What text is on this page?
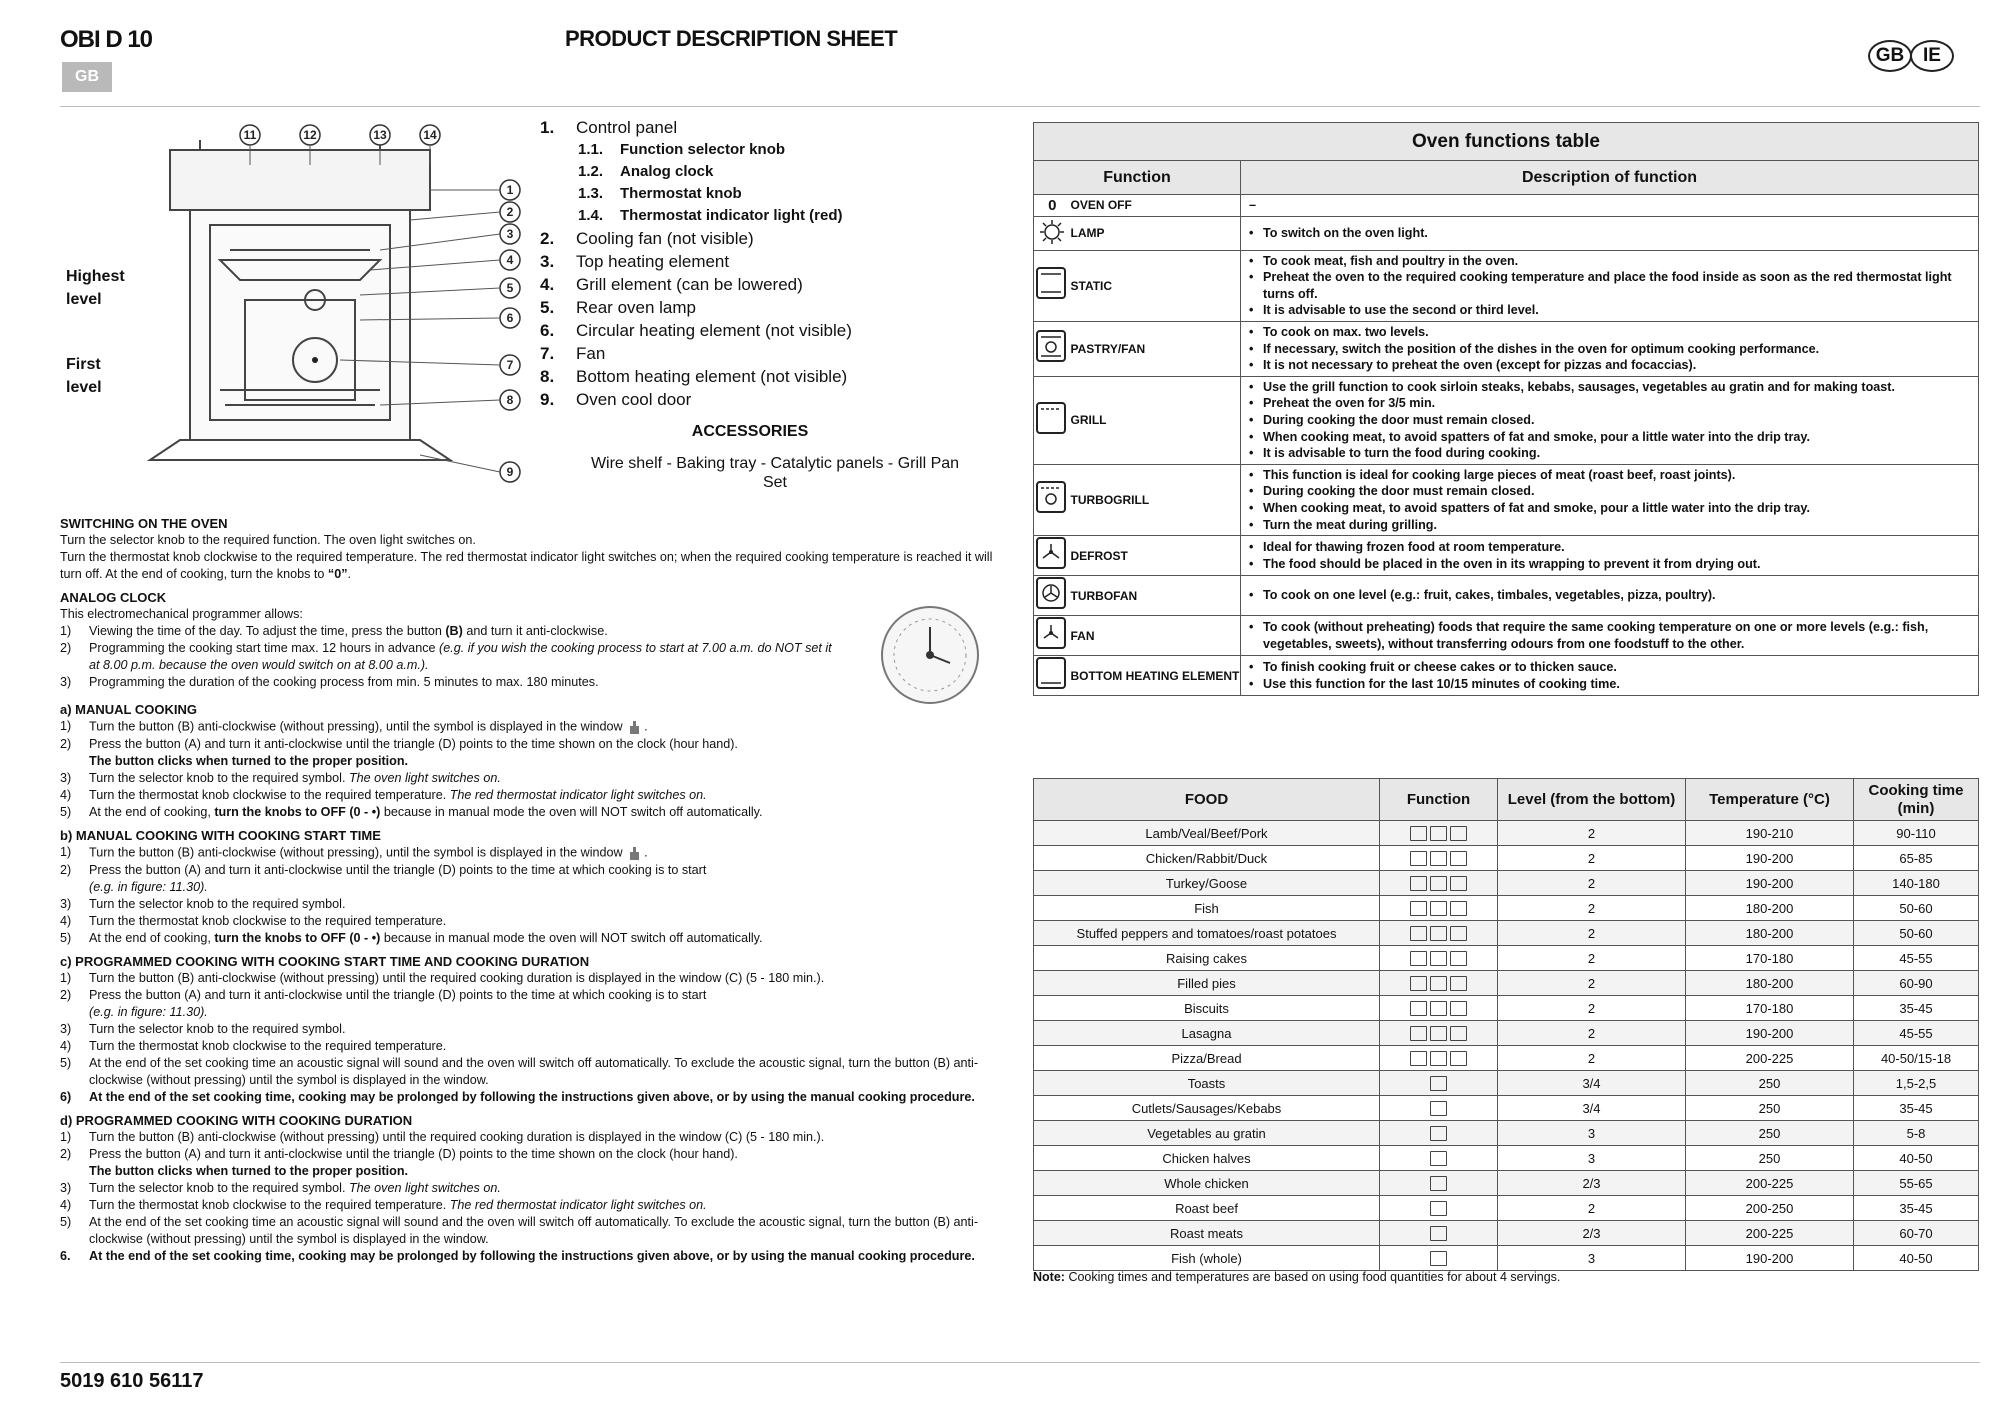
OBI D 10
GB
PRODUCT DESCRIPTION SHEET
GB IE
11	12	13	14
1
2
3
4
5
6
7
8
9
Highest
level
First
level
1.	Control panel
1.1. Function selector knob
1.2. Analog clock
1.3. Thermostat knob
1.4. Thermostat indicator light (red)
2.	Cooling fan (not visible)
3.	Top heating element
4.	Grill element (can be lowered)
5.	Rear oven lamp
6.	Circular heating element (not visible)
7.	Fan
8.	Bottom heating element (not visible)
9.	Oven cool door
ACCESSORIES
Wire shelf - Baking tray - Catalytic panels - Grill Pan Set
SWITCHING ON THE OVEN

Turn the selector knob to the required function. The oven light switches on.

Turn the thermostat knob clockwise to the required temperature. The red thermostat indicator light switches on; when the required cooking temperature is reached it will turn off. At the end of cooking, turn the knobs to “0”.

ANALOG CLOCK

This electromechanical programmer allows:

1)	Viewing the time of the day. To adjust the time, press the button (B) and turn it anti-clockwise.
2)	Programming the cooking start time max. 12 hours in advance (e.g. if you wish the cooking process to start at 7.00 a.m. do NOT set it at 8.00 p.m. because the oven would switch on at 8.00 a.m.).
3)	Programming the duration of the cooking process from min. 5 minutes to max. 180 minutes.
a) MANUAL COOKING
1)	Turn the button (B) anti-clockwise (without pressing), until the symbol is displayed in the window .
2)	Press the button (A) and turn it anti-clockwise until the triangle (D) points to the time shown on the clock (hour hand).
The button clicks when turned to the proper position.
3)	Turn the selector knob to the required symbol. The oven light switches on.
4)	Turn the thermostat knob clockwise to the required temperature. The red thermostat indicator light switches on.
5)	At the end of cooking, turn the knobs to OFF (0 - •) because in manual mode the oven will NOT switch off automatically.
b) MANUAL COOKING WITH COOKING START TIME
1)	Turn the button (B) anti-clockwise (without pressing), until the symbol is displayed in the window .
2)	Press the button (A) and turn it anti-clockwise until the triangle (D) points to the time at which cooking is to start
(e.g. in figure: 11.30).
3)	Turn the selector knob to the required symbol.
4)	Turn the thermostat knob clockwise to the required temperature.
5)	At the end of cooking, turn the knobs to OFF (0 - •) because in manual mode the oven will NOT switch off automatically.
c) PROGRAMMED COOKING WITH COOKING START TIME AND COOKING DURATION
1)	Turn the button (B) anti-clockwise (without pressing) until the required cooking duration is displayed in the window (C) (5 - 180 min.).
2)	Press the button (A) and turn it anti-clockwise until the triangle (D) points to the time at which cooking is to start
(e.g. in figure: 11.30).
3)	Turn the selector knob to the required symbol.
4)	Turn the thermostat knob clockwise to the required temperature.
5)	At the end of the set cooking time an acoustic signal will sound and the oven will switch off automatically. To exclude the acoustic signal, turn the button (B) anti-clockwise (without pressing) until the symbol is displayed in the window.
6)	At the end of the set cooking time, cooking may be prolonged by following the instructions given above, or by using the manual cooking procedure.
d) PROGRAMMED COOKING WITH COOKING DURATION
1)	Turn the button (B) anti-clockwise (without pressing) until the required cooking duration is displayed in the window (C) (5 - 180 min.).
2)	Press the button (A) and turn it anti-clockwise until the triangle (D) points to the time shown on the clock (hour hand).
The button clicks when turned to the proper position.
3)	Turn the selector knob to the required symbol. The oven light switches on.
4)	Turn the thermostat knob clockwise to the required temperature. The red thermostat indicator light switches on.
5)	At the end of the set cooking time an acoustic signal will sound and the oven will switch off automatically. To exclude the acoustic signal, turn the button (B) anti-clockwise (without pressing) until the symbol is displayed in the window.
6.	At the end of the set cooking time, cooking may be prolonged by following the instructions given above, or by using the manual cooking procedure.
Oven functions table		
Function		Description of function
0	OVEN OFF	–

	LAMP	• To switch on the oven light.

	STATIC	• To cook meat, fish and poultry in the oven.
• Preheat the oven to the required cooking temperature and place the food inside as soon as the red thermostat light turns off.
• It is advisable to use the second or third level.

	PASTRY/FAN	• To cook on max. two levels.
• If necessary, switch the position of the dishes in the oven for optimum cooking performance.
• It is not necessary to preheat the oven (except for pizzas and focaccias).

	GRILL	• Use the grill function to cook sirloin steaks, kebabs, sausages, vegetables au gratin and for making toast.
• Preheat the oven for 3/5 min.
• During cooking the door must remain closed.
• When cooking meat, to avoid spatters of fat and smoke, pour a little water into the drip tray.
• It is advisable to turn the food during cooking.

	TURBOGRILL	• This function is ideal for cooking large pieces of meat (roast beef, roast joints).
• During cooking the door must remain closed.
• When cooking meat, to avoid spatters of fat and smoke, pour a little water into the drip tray.
• Turn the meat during grilling.

	DEFROST	• Ideal for thawing frozen food at room temperature.
• The food should be placed in the oven in its wrapping to prevent it from drying out.

	TURBOFAN	• To cook on one level (e.g.: fruit, cakes, timbales, vegetables, pizza, poultry).

	FAN	• To cook (without preheating) foods that require the same cooking temperature on one or more levels (e.g.: fish, vegetables, sweets), without transferring odours from one foodstuff to the other.

	BOTTOM HEATING ELEMENT	• To finish cooking fruit or cheese cakes or to thicken sauce.
• Use this function for the last 10/15 minutes of cooking time.
FOOD	Function	Level (from the bottom)	Temperature (°C)	Cooking time (min)
Lamb/Veal/Beef/Pork		2	190-210	90-110
Chicken/Rabbit/Duck		2	190-200	65-85
Turkey/Goose		2	190-200	140-180
Fish		2	180-200	50-60
Stuffed peppers and tomatoes/roast potatoes		2	180-200	50-60
Raising cakes		2	170-180	45-55
Filled pies		2	180-200	60-90
Biscuits		2	170-180	35-45
Lasagna		2	190-200	45-55
Pizza/Bread		2	200-225	40-50/15-18
Toasts		3/4	250	1,5-2,5
Cutlets/Sausages/Kebabs		3/4	250	35-45
Vegetables au gratin		3	250	5-8
Chicken halves		3	250	40-50
Whole chicken		2/3	200-225	55-65
Roast beef		2	200-250	35-45
Roast meats		2/3	200-225	60-70
Fish (whole)		3	190-200	40-50
Note: Cooking times and temperatures are based on using food quantities for about 4 servings.
5019 610 56117
